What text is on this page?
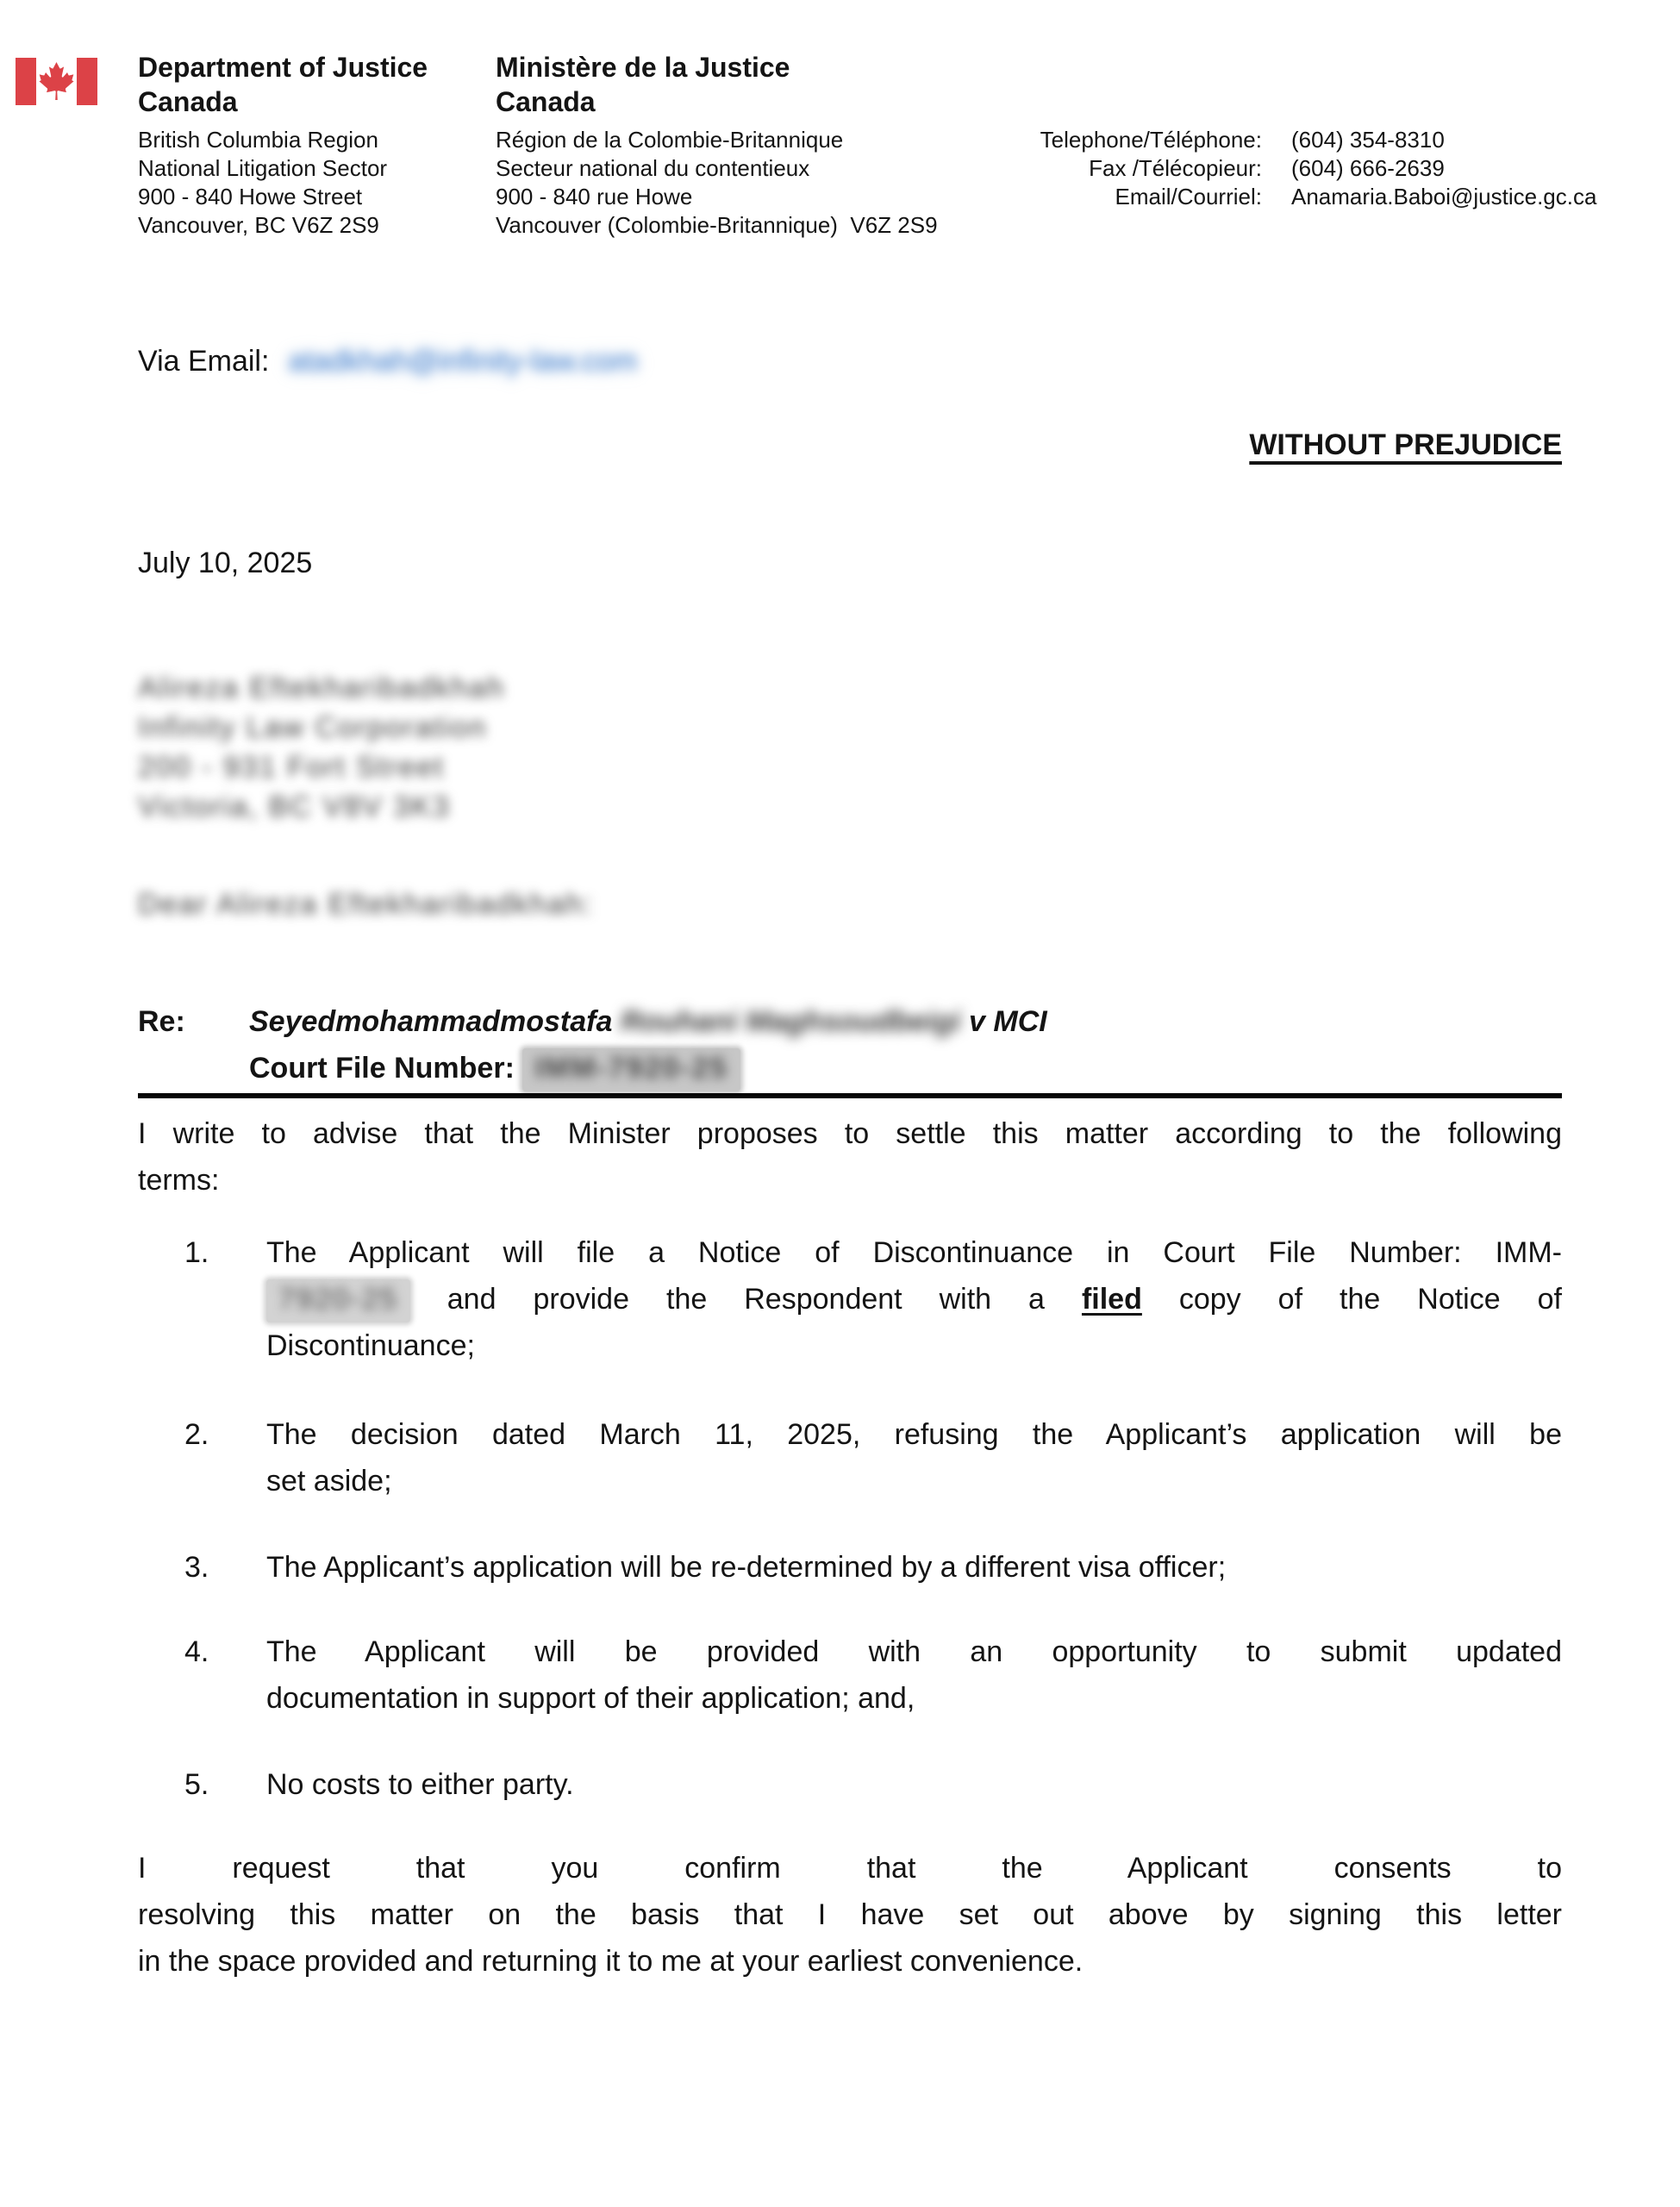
Department of Justice
Canada
British Columbia Region
National Litigation Sector
900 - 840 Howe Street
Vancouver, BC V6Z 2S9
Ministère de la Justice
Canada
Région de la Colombie-Britannique
Secteur national du contentieux
900 - 840 rue Howe
Vancouver (Colombie-Britannique)  V6Z 2S9
Telephone/Téléphone: (604) 354-8310
Fax /Télécopieur: (604) 666-2639
Email/Courriel: Anamaria.Baboi@justice.gc.ca
Via Email: atadkhah@infinity-law.com
WITHOUT PREJUDICE
July 10, 2025
Alireza Eftekharibadkhah
Infinity Law Corporation
200 - 931 Fort Street
Victoria, BC V8V 3K3
Dear Alireza Eftekharibadkhah:
Re: Seyedmohammadmostafa Rouhani Maghsoudbeigi v MCI
Court File Number: IMM-7920-25
I write to advise that the Minister proposes to settle this matter according to the following
terms:
1. The Applicant will file a Notice of Discontinuance in Court File Number: IMM-
7920-25 and provide the Respondent with a filed copy of the Notice of
Discontinuance;
2. The decision dated March 11, 2025, refusing the Applicant’s application will be
set aside;
3. The Applicant’s application will be re-determined by a different visa officer;
4. The Applicant will be provided with an opportunity to submit updated
documentation in support of their application; and,
5. No costs to either party.
I request that you confirm that the Applicant consents to
resolving this matter on the basis that I have set out above by signing this letter
in the space provided and returning it to me at your earliest convenience.
